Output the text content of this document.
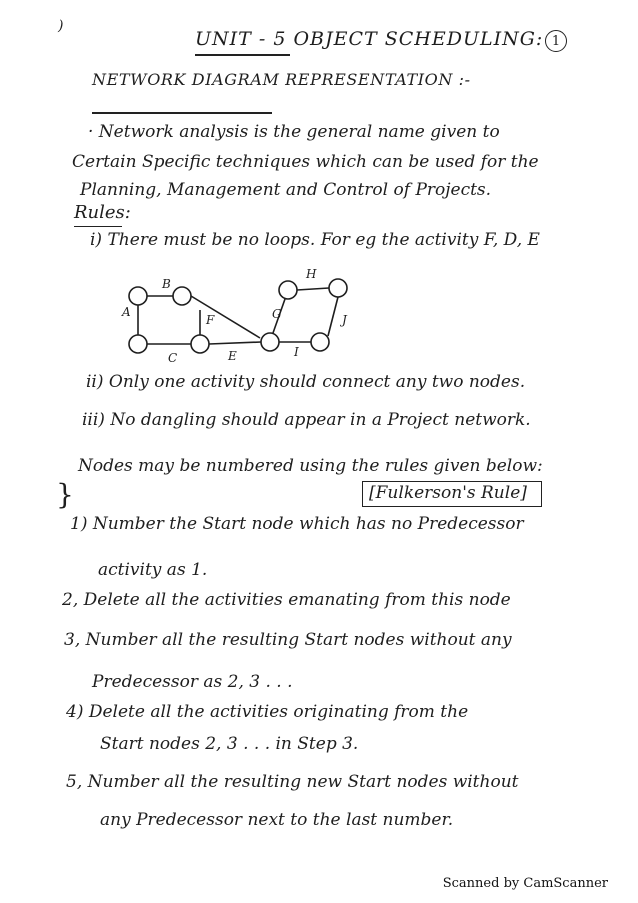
)
UNIT - 5 OBJECT SCHEDULING: 1
NETWORK DIAGRAM REPRESENTATION :-
· Network analysis is the general name given to
Certain Specific techniques which can be used for the
Planning, Management and Control of Projects.
Rules:
i) There must be no loops. For eg the activity F, D, E
B
A
F
C	E
G
H
I
J
ii) Only one activity should connect any two nodes.
iii) No dangling should appear in a Project network.
}
Nodes may be numbered using the rules given below:
[Fulkerson's Rule]
1) Number the Start node which has no Predecessor
activity as 1.
2, Delete all the activities emanating from this node
3, Number all the resulting Start nodes without any
Predecessor as 2, 3 . . .
4) Delete all the activities originating from the
Start nodes 2, 3 . . . in Step 3.
5, Number all the resulting new Start nodes without
any Predecessor next to the last number.
Scanned by CamScanner
